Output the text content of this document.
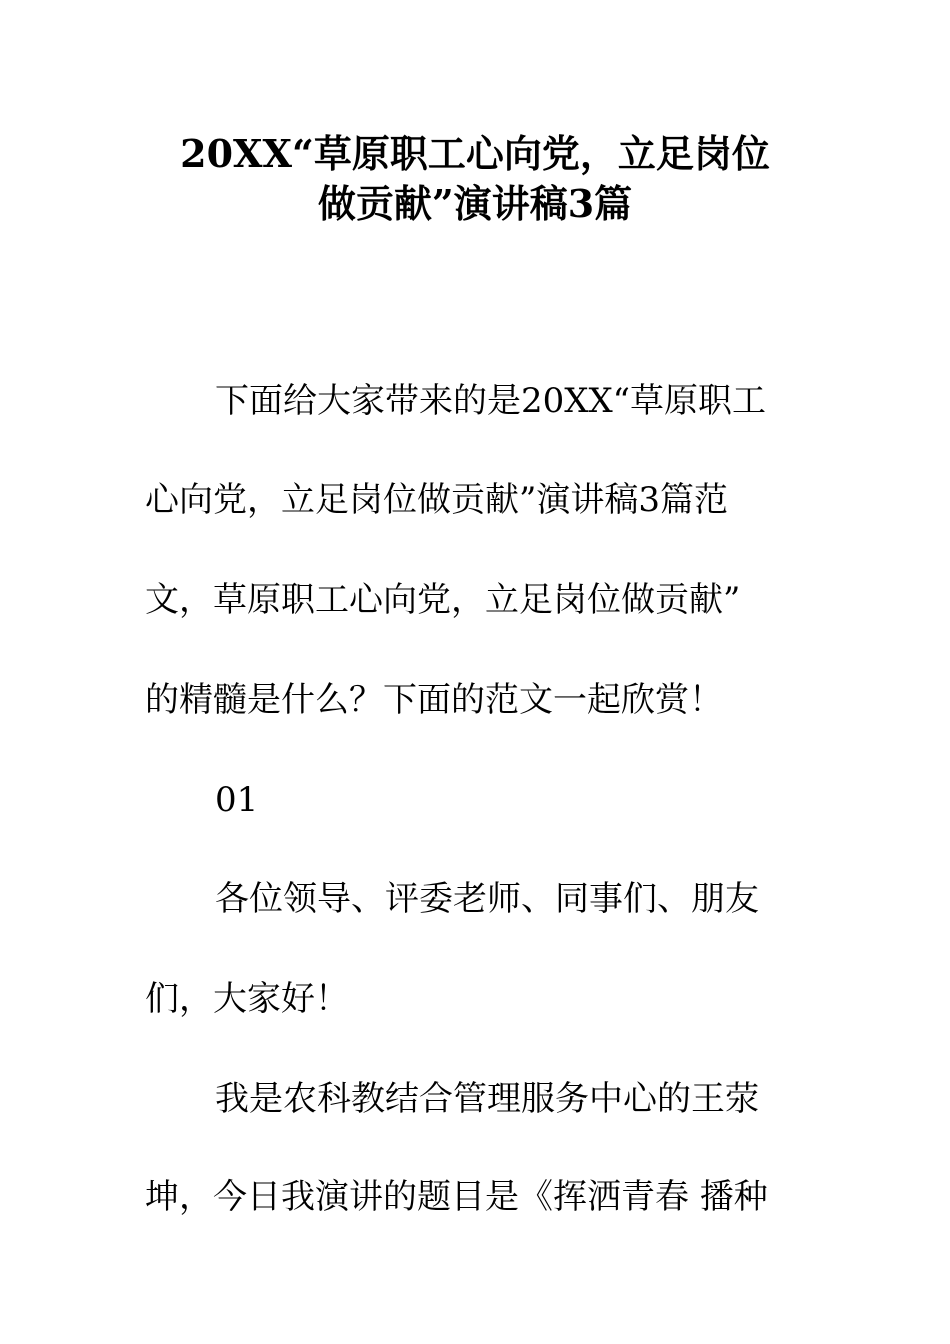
20XX“草原职工心向党，立足岗位
做贡献”演讲稿3篇
下面给大家带来的是20XX“草原职工
心向党，立足岗位做贡献”演讲稿3篇范
文，草原职工心向党，立足岗位做贡献”
的精髓是什么？下面的范文一起欣赏！
01
各位领导、评委老师、同事们、朋友
们，大家好！
我是农科教结合管理服务中心的王荥
坤，今日我演讲的题目是《挥洒青春 播种
